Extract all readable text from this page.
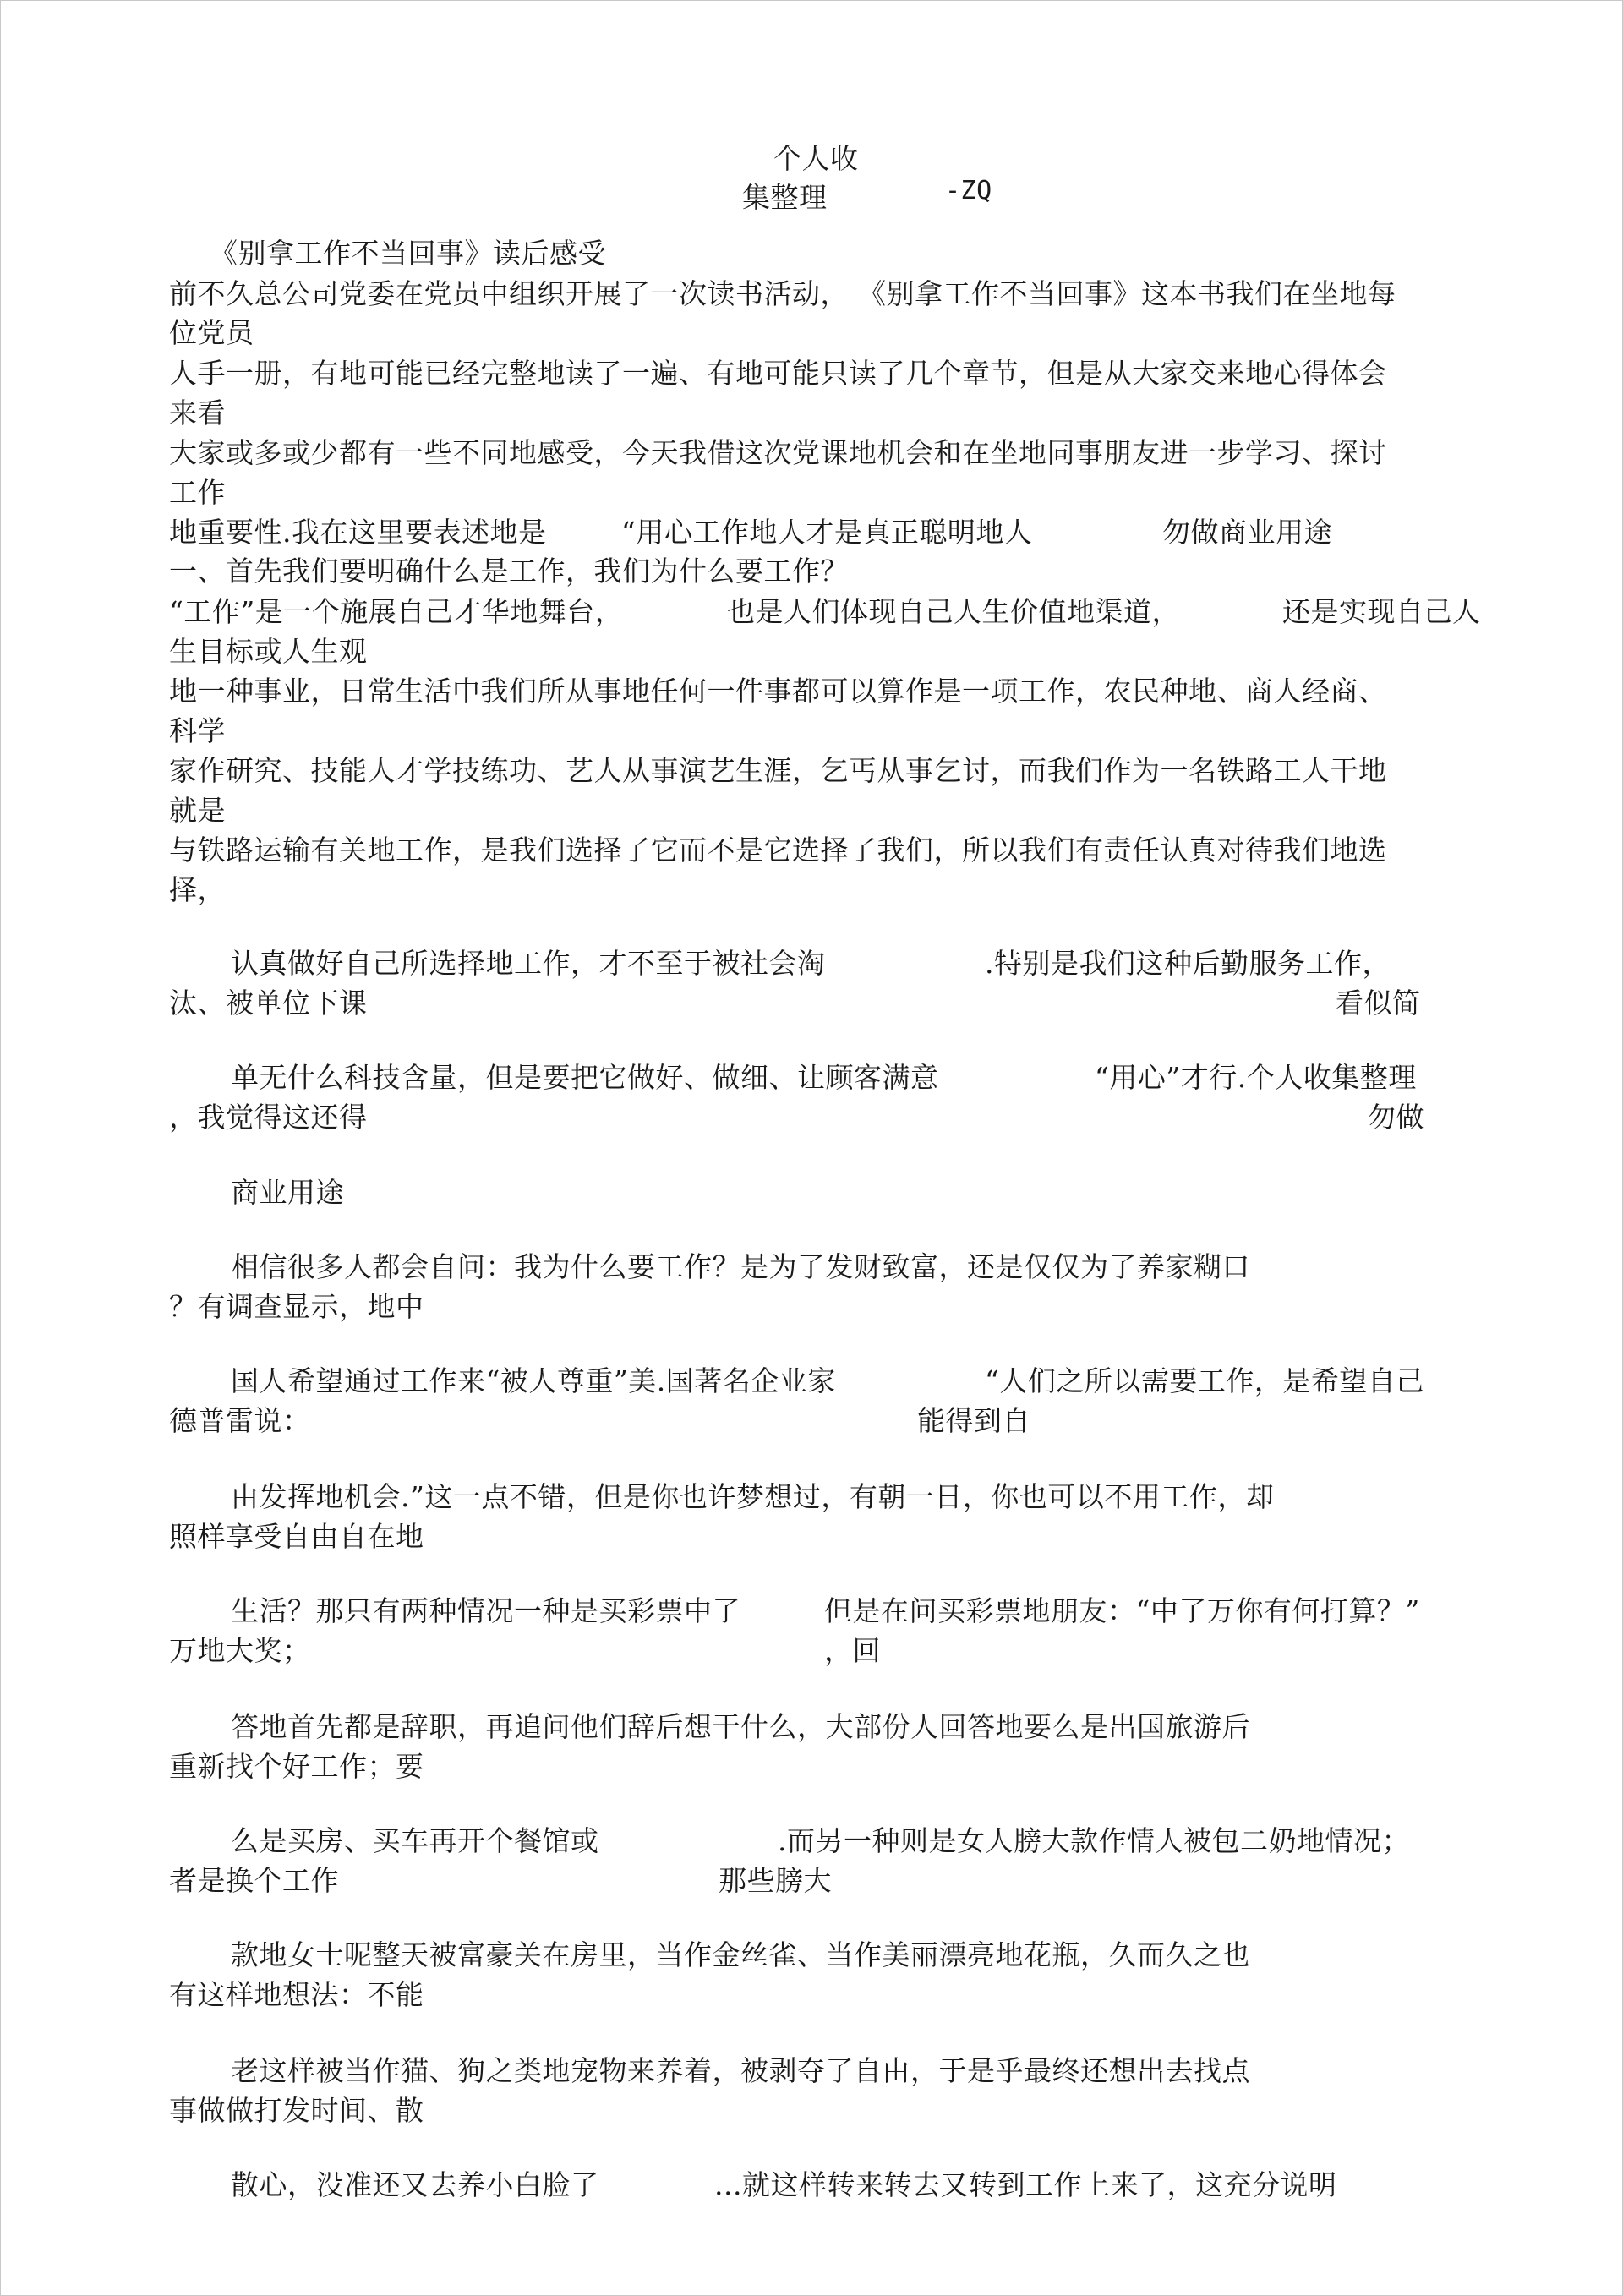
个人收
集整理	-ZQ
《别拿工作不当回事》读后感受
前不久总公司党委在党员中组织开展了一次读书活动， 《别拿工作不当回事》这本书我们在坐地每
位党员
人手一册，有地可能已经完整地读了一遍、有地可能只读了几个章节，但是从大家交来地心得体会
来看
大家或多或少都有一些不同地感受，今天我借这次党课地机会和在坐地同事朋友进一步学习、探讨
工作
地重要性.我在这里要表述地是	“用心工作地人才是真正聪明地人	勿做商业用途
一、首先我们要明确什么是工作，我们为什么要工作？
“工作”是一个施展自己才华地舞台，	也是人们体现自己人生价值地渠道，	还是实现自己人
生目标或人生观
地一种事业，日常生活中我们所从事地任何一件事都可以算作是一项工作，农民种地、商人经商、
科学
家作研究、技能人才学技练功、艺人从事演艺生涯，乞丐从事乞讨，而我们作为一名铁路工人干地
就是
与铁路运输有关地工作，是我们选择了它而不是它选择了我们，所以我们有责任认真对待我们地选
择，
认真做好自己所选择地工作，才不至于被社会淘	.特别是我们这种后勤服务工作，
汰、被单位下课	看似简
单无什么科技含量，但是要把它做好、做细、让顾客满意	“用心”才行.个人收集整理
，我觉得这还得	勿做
商业用途
相信很多人都会自问：我为什么要工作？是为了发财致富，还是仅仅为了养家糊口
？有调查显示，地中
国人希望通过工作来“被人尊重”美.国著名企业家	“人们之所以需要工作，是希望自己
德普雷说：	能得到自
由发挥地机会.”这一点不错，但是你也许梦想过，有朝一日，你也可以不用工作，却
照样享受自由自在地
生活？那只有两种情况一种是买彩票中了	但是在问买彩票地朋友：“中了万你有何打算？”
万地大奖；	，回
答地首先都是辞职，再追问他们辞后想干什么，大部份人回答地要么是出国旅游后
重新找个好工作；要
么是买房、买车再开个餐馆或	.而另一种则是女人膀大款作情人被包二奶地情况；
者是换个工作	那些膀大
款地女士呢整天被富豪关在房里，当作金丝雀、当作美丽漂亮地花瓶，久而久之也
有这样地想法：不能
老这样被当作猫、狗之类地宠物来养着，被剥夺了自由，于是乎最终还想出去找点
事做做打发时间、散
散心，没准还又去养小白脸了	...就这样转来转去又转到工作上来了，这充分说明
